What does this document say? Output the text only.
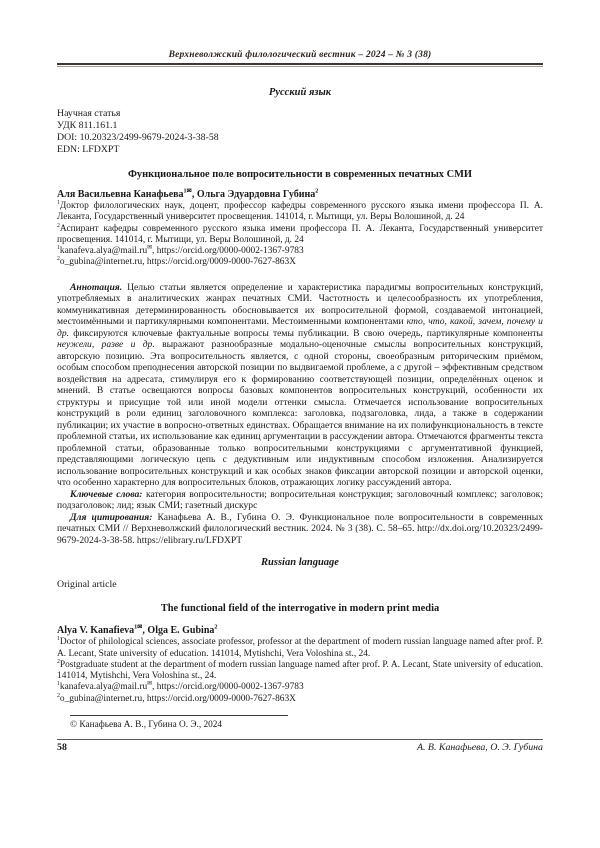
Верхневолжский филологический вестник – 2024 – № 3 (38)
Русский язык
Научная статья
УДК 811.161.1
DOI: 10.20323/2499-9679-2024-3-38-58
EDN: LFDXPT
Функциональное поле вопросительности в современных печатных СМИ

Аля Васильевна Канафьева$^{1✉}$, Ольга Эдуардовна Губина$^2$

$^1$Доктор филологических наук, доцент, профессор кафедры современного русского языка имени профессора П. А. Леканта, Государственный университет просвещения. 141014, г. Мытищи, ул. Веры Волошиной, д. 24

$^2$Аспирант кафедры современного русского языка имени профессора П. А. Леканта, Государственный университет просвещения. 141014, г. Мытищи, ул. Веры Волошиной, д. 24

$^1$kanafeva.alya@mail.ru✉, https://orcid.org/0000-0002-1367-9783

$^2$o_gubina@internet.ru, https://orcid.org/0009-0000-7627-863X

Аннотация. Целью статьи является определение и характеристика парадигмы вопросительных конструкций, употребляемых в аналитических жанрах печатных СМИ. Частотность и целесообразность их употребления, коммуникативная детерминированность обосновывается их вопросительной формой, создаваемой интонацией, местоимёнными и партикулярными компонентами. Местоименными компонентами кто, что, какой, зачем, почему и др. фиксируются ключевые фактуальные вопросы темы публикации. В свою очередь, партикулярные компоненты неужели, разве и др. выражают разнообразные модально-оценочные смыслы вопросительных конструкций, авторскую позицию. Эта вопросительность является, с одной стороны, своеобразным риторическим приёмом, особым способом преподнесения авторской позиции по выдвигаемой проблеме, а с другой – эффективным средством воздействия на адресата, стимулируя его к формированию соответствующей позиции, определённых оценок и мнений. В статье освещаются вопросы базовых компонентов вопросительных конструкций, особенности их структуры и присущие той или иной модели оттенки смысла. Отмечается использование вопросительных конструкций в роли единиц заголовочного комплекса: заголовка, подзаголовка, лида, а также в содержании публикации; их участие в вопросно-ответных единствах. Обращается внимание на их полифункциональность в тексте проблемной статьи, их использование как единиц аргументации в рассуждении автора. Отмечаются фрагменты текста проблемной статьи, образованные только вопросительными конструкциями с аргументативной функцией, представляющими логическую цепь с дедуктивным или индуктивным способом изложения. Анализируется использование вопросительных конструкций и как особых знаков фиксации авторской позиции и авторской оценки, что особенно характерно для вопросительных блоков, отражающих логику рассуждений автора.

Ключевые слова: категория вопросительности; вопросительная конструкция; заголовочный комплекс; заголовок; подзаголовок; лид; язык СМИ; газетный дискурс

Для цитирования: Канафьева А. В., Губина О. Э. Функциональное поле вопросительности в современных печатных СМИ // Верхневолжский филологический вестник. 2024. № 3 (38). С. 58–65. http://dx.doi.org/10.20323/2499-9679-2024-3-38-58. https://elibrary.ru/LFDXPT

Russian language
Original article
The functional field of the interrogative in modern print media

Alya V. Kanafieva$^{1✉}$, Olga E. Gubina$^2$

$^1$Doctor of philological sciences, associate professor, professor at the department of modern russian language named after prof. P. A. Lecant, State university of education. 141014, Mytishchi, Vera Voloshina st., 24.

$^2$Postgraduate student at the department of modern russian language named after prof. P. A. Lecant, State university of education. 141014, Mytishchi, Vera Voloshina st., 24.

$^1$kanafeva.alya@mail.ru✉, https://orcid.org/0000-0002-1367-9783

$^2$o_gubina@internet.ru, https://orcid.org/0009-0000-7627-863X

© Канафьева А. В., Губина О. Э., 2024

58	А. В. Канафьева, О. Э. Губина
